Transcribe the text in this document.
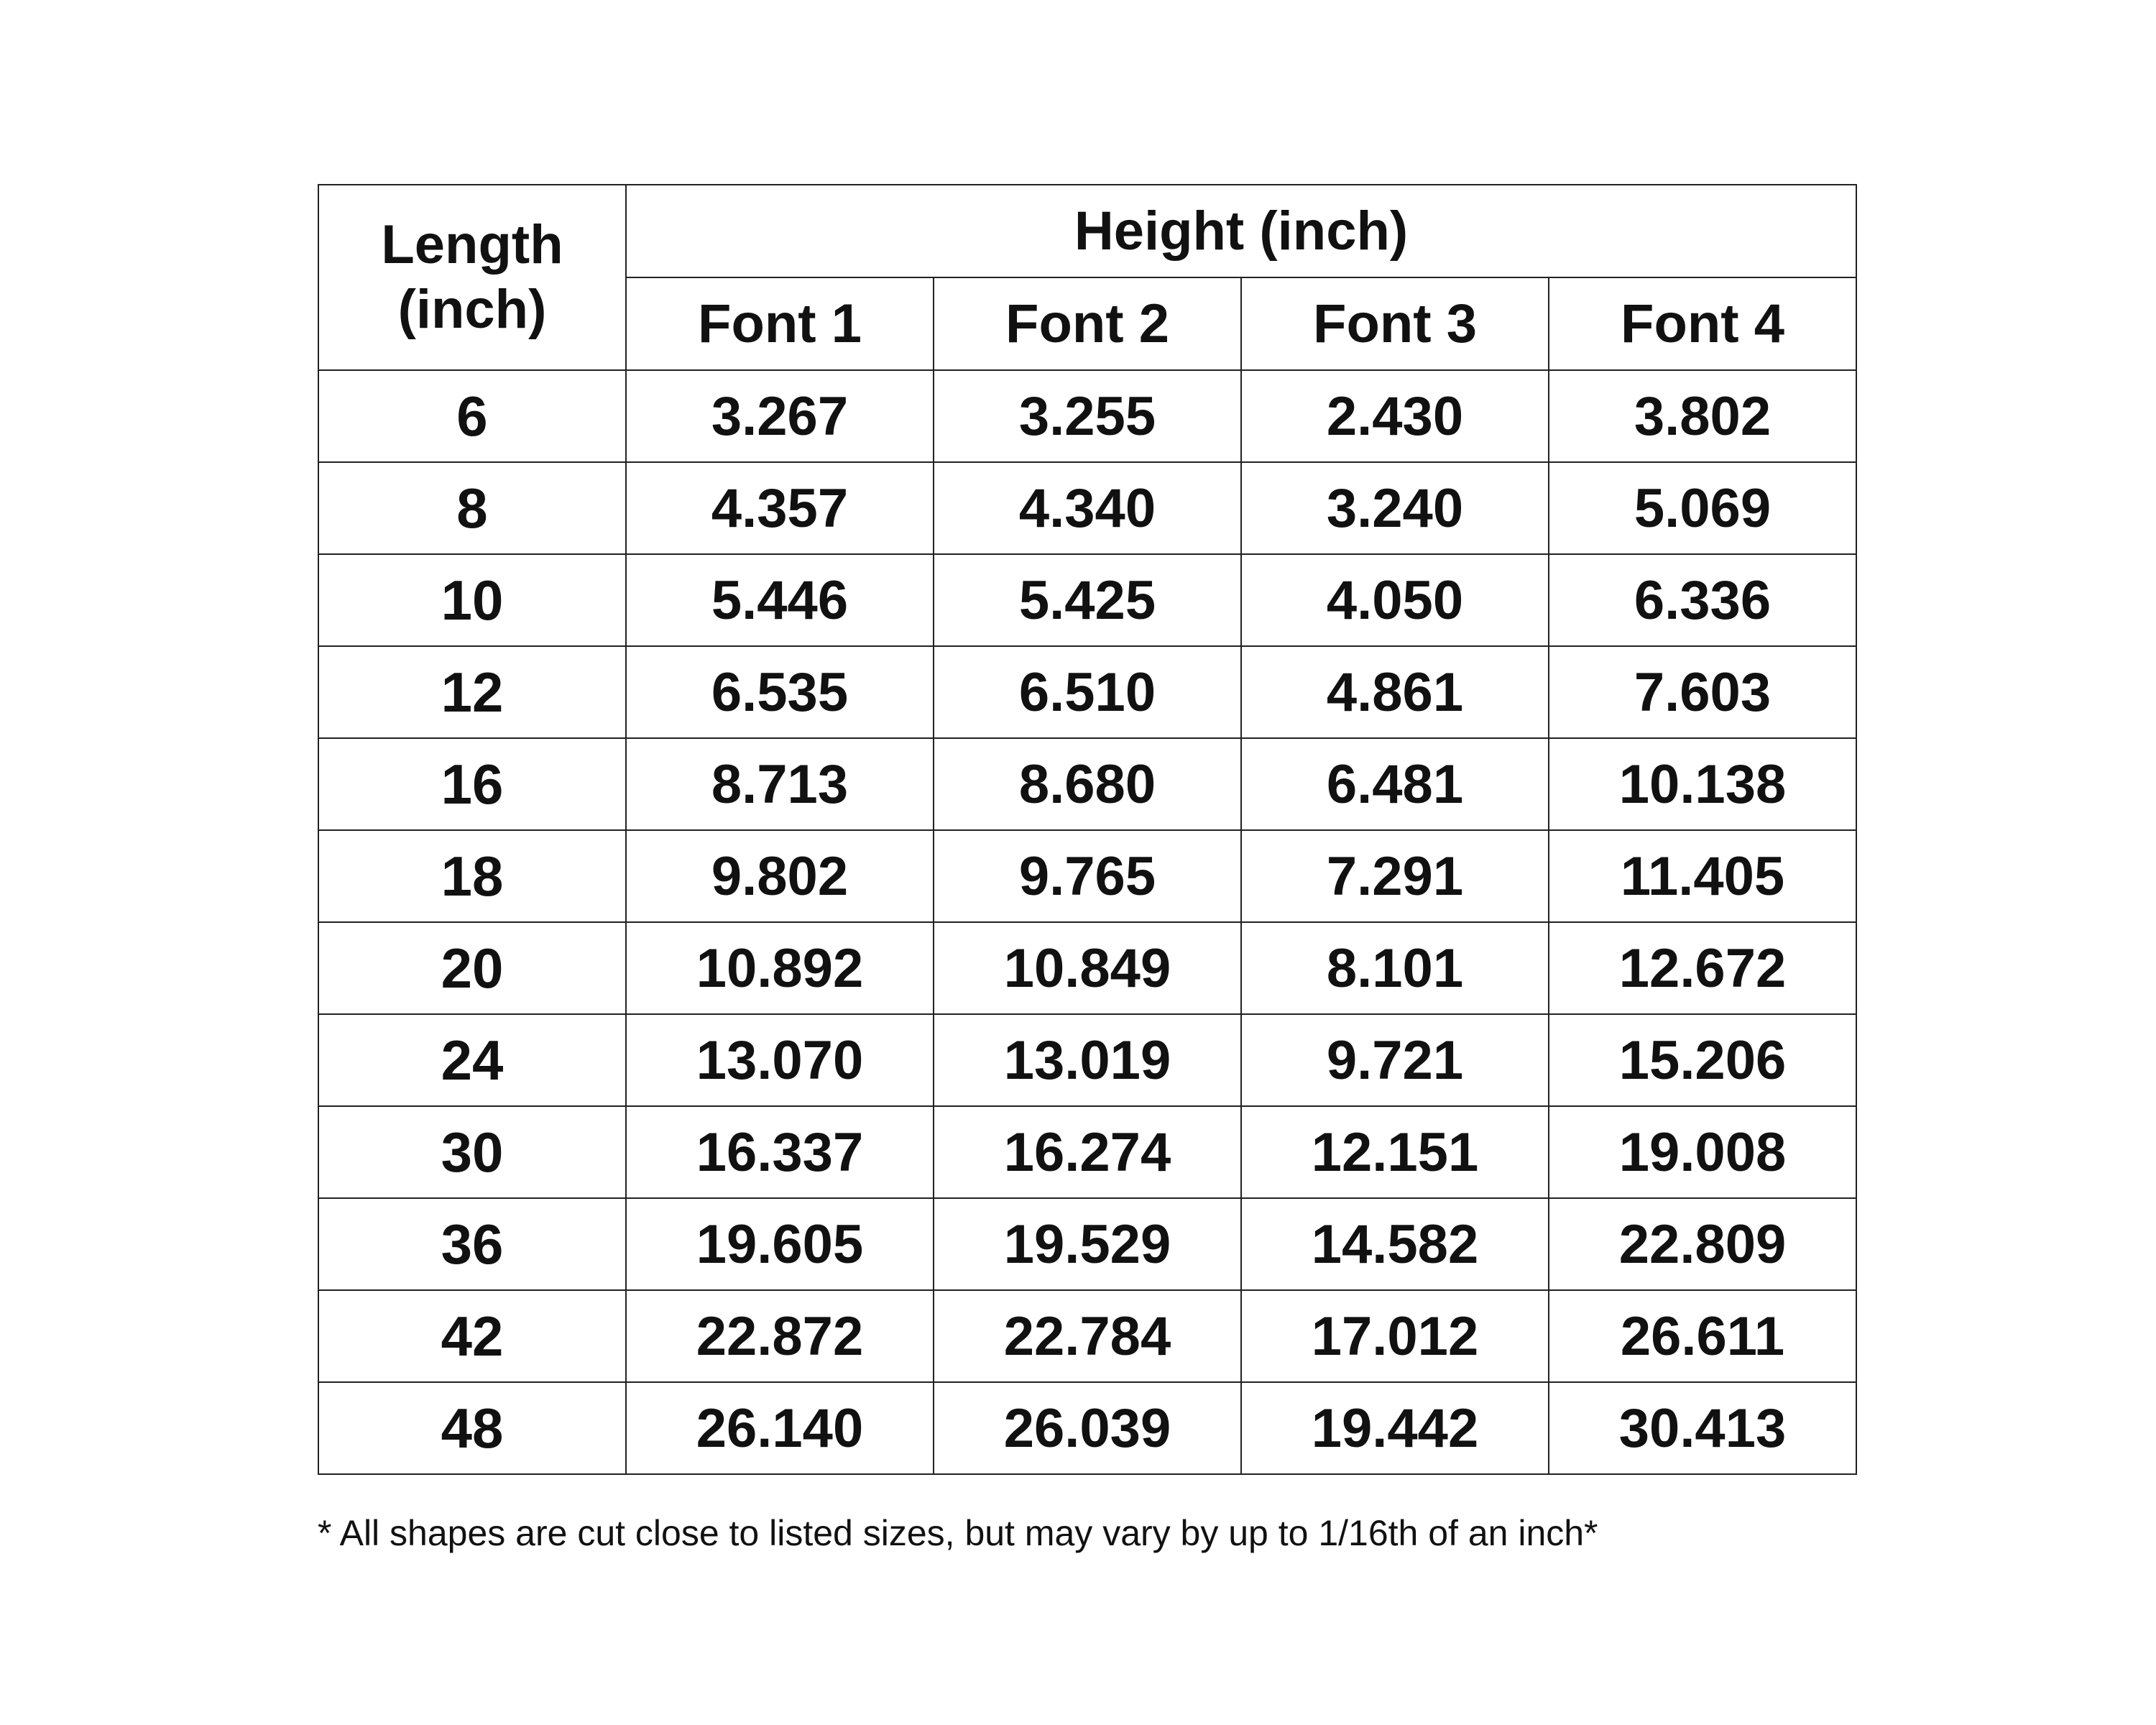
Length
(inch)	Height (inch)			
	Font 1	Font 2	Font 3	Font 4
6	3.267	3.255	2.430	3.802
8	4.357	4.340	3.240	5.069
10	5.446	5.425	4.050	6.336
12	6.535	6.510	4.861	7.603
16	8.713	8.680	6.481	10.138
18	9.802	9.765	7.291	11.405
20	10.892	10.849	8.101	12.672
24	13.070	13.019	9.721	15.206
30	16.337	16.274	12.151	19.008
36	19.605	19.529	14.582	22.809
42	22.872	22.784	17.012	26.611
48	26.140	26.039	19.442	30.413
* All shapes are cut close to listed sizes, but may vary by up to 1/16th of an inch*
